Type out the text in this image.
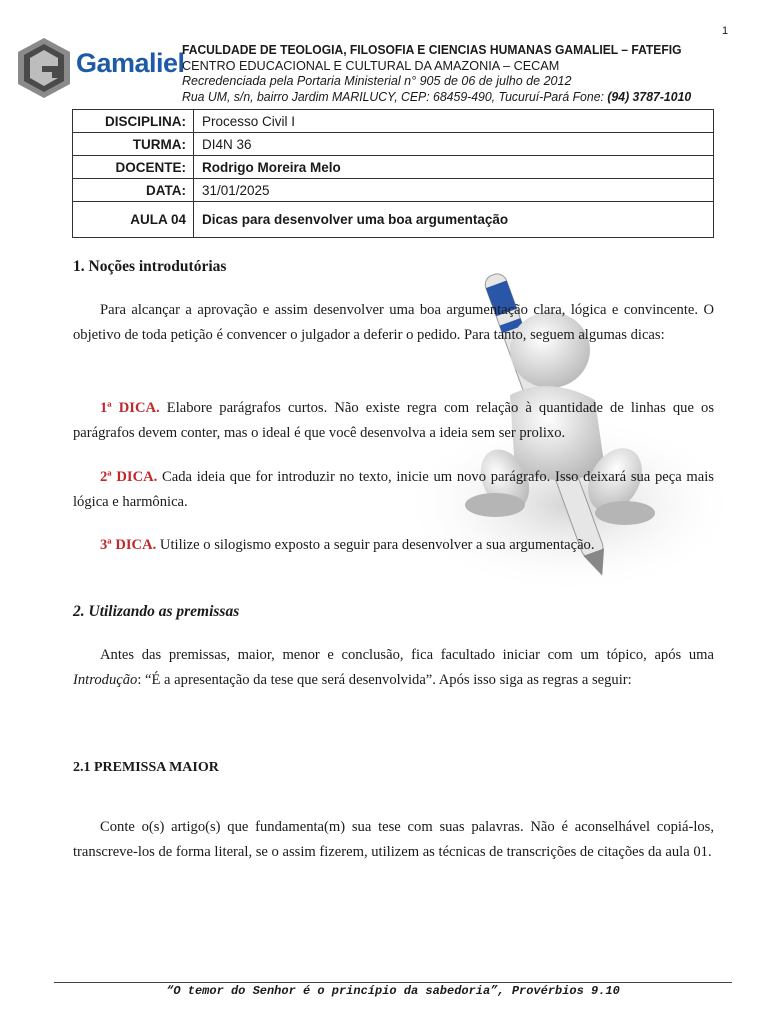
1
Gamaliel
FACULDADE DE TEOLOGIA, FILOSOFIA E CIENCIAS HUMANAS GAMALIEL – FATEFIG
CENTRO EDUCACIONAL E CULTURAL DA AMAZONIA – CECAM
Recredenciada pela Portaria Ministerial n° 905 de 06 de julho de 2012
Rua UM, s/n, bairro Jardim MARILUCY, CEP: 68459-490, Tucuruí-Pará Fone: (94) 3787-1010
DISCIPLINA:	Processo Civil I
TURMA:	DI4N 36
DOCENTE:	Rodrigo Moreira Melo
DATA:	31/01/2025
AULA 04	Dicas para desenvolver uma boa argumentação
1. Noções introdutórias

Para alcançar a aprovação e assim desenvolver uma boa argumentação clara, lógica e convincente. O objetivo de toda petição é convencer o julgador a deferir o pedido. Para tanto, seguem algumas dicas:

1ª DICA. Elabore parágrafos curtos. Não existe regra com relação à quantidade de linhas que os parágrafos devem conter, mas o ideal é que você desenvolva a ideia sem ser prolixo.

2ª DICA. Cada ideia que for introduzir no texto, inicie um novo parágrafo. Isso deixará sua peça mais lógica e harmônica.

3ª DICA. Utilize o silogismo exposto a seguir para desenvolver a sua argumentação.

2. Utilizando as premissas

Antes das premissas, maior, menor e conclusão, fica facultado iniciar com um tópico, após uma Introdução: “É a apresentação da tese que será desenvolvida”. Após isso siga as regras a seguir:

2.1 PREMISSA MAIOR

Conte o(s) artigo(s) que fundamenta(m) sua tese com suas palavras. Não é aconselhável copiá-los, transcreve-los de forma literal, se o assim fizerem, utilizem as técnicas de transcrições de citações da aula 01.

“O temor do Senhor é o princípio da sabedoria”, Provérbios 9.10
